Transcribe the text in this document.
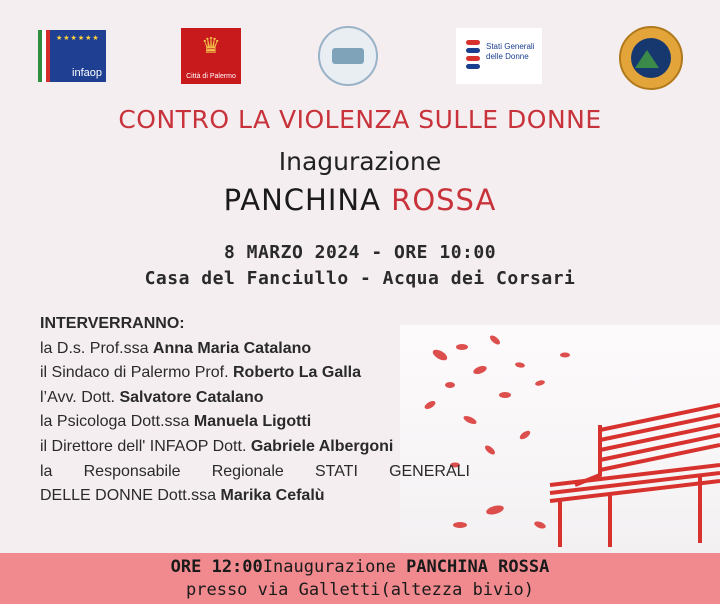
★★★★★★
infaop
♛
Città di Palermo
Stati Generali delle Donne
CONTRO LA VIOLENZA SULLE DONNE
Inagurazione
PANCHINA ROSSA
8 MARZO 2024 - ORE 10:00
Casa del Fanciullo - Acqua dei Corsari
INTERVERRANNO:
la D.s. Prof.ssa Anna Maria Catalano
il Sindaco di Palermo Prof. Roberto La Galla
l’Avv. Dott. Salvatore Catalano
la Psicologa Dott.ssa Manuela Ligotti
il Direttore dell' INFAOP Dott. Gabriele Albergoni
la Responsabile Regionale STATI GENERALI
DELLE DONNE Dott.ssa Marika Cefalù
ORE 12:00Inaugurazione PANCHINA ROSSA
presso via Galletti(altezza bivio)
